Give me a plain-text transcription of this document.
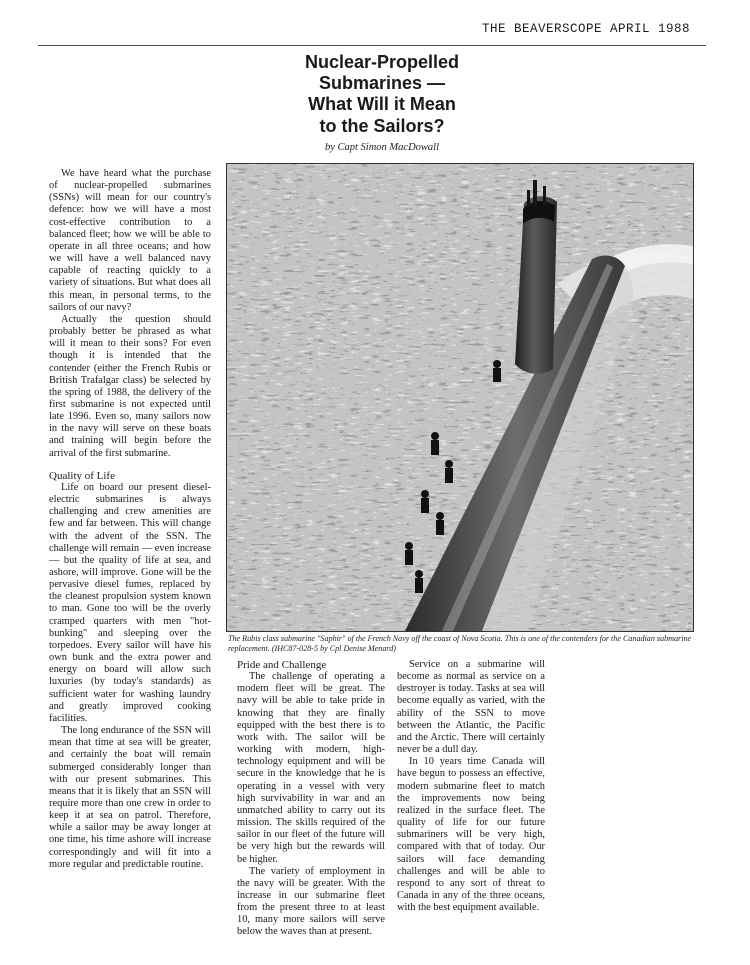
THE BEAVERSCOPE APRIL 1988
Nuclear-Propelled
Submarines —
What Will it Mean
to the Sailors?
by Capt Simon MacDowall

We have heard what the purchase of nuclear-propelled submarines (SSNs) will mean for our country's defence: how we will have a most cost-effective contribution to a balanced fleet; how we will be able to operate in all three oceans; and how we will have a well balanced navy capable of reacting quickly to a variety of situations. But what does all this mean, in personal terms, to the sailors of our navy?

Actually the question should probably better be phrased as what will it mean to their sons? For even though it is intended that the contender (either the French Rubis or British Trafalgar class) be selected by the spring of 1988, the delivery of the first submarine is not expected until late 1996. Even so, many sailors now in the navy will serve on these boats and training will begin before the arrival of the first submarine.

Quality of Life

Life on board our present diesel-electric submarines is always challenging and crew amenities are few and far between. This will change with the advent of the SSN. The challenge will remain — even increase — but the quality of life at sea, and ashore, will improve. Gone will be the pervasive diesel fumes, replaced by the cleanest propulsion system known to man. Gone too will be the overly cramped quarters with men "hot-bunking" and sleeping over the torpedoes. Every sailor will have his own bunk and the extra power and energy on board will allow such luxuries (by today's standards) as sufficient water for washing laundry and greatly improved cooking facilities.

The long endurance of the SSN will mean that time at sea will be greater, and certainly the boat will remain submerged considerably longer than with our present submarines. This means that it is likely that an SSN will require more than one crew in order to keep it at sea on patrol. Therefore, while a sailor may be away longer at one time, his time ashore will increase correspondingly and will fit into a more regular and predictable routine.

The Rubis class submarine "Saphir" of the French Navy off the coast of Nova Scotia. This is one of the contenders for the Canadian submarine replacement. (IHC87-028-5 by Cpl Denise Menard)
Pride and Challenge

The challenge of operating a modern fleet will be great. The navy will be able to take pride in knowing that they are finally equipped with the best there is to work with. The sailor will be working with modern, high-technology equipment and will be secure in the knowledge that he is operating in a vessel with very high survivability in war and an unmatched ability to carry out its mission. The skills required of the sailor in our fleet of the future will be very high but the rewards will be higher.

The variety of employment in the navy will be greater. With the increase in our submarine fleet from the present three to at least 10, many more sailors will serve below the waves than at present.

Service on a submarine will become as normal as service on a destroyer is today. Tasks at sea will become equally as varied, with the ability of the SSN to move between the Atlantic, the Pacific and the Arctic. There will certainly never be a dull day.

In 10 years time Canada will have begun to possess an effective, modern submarine fleet to match the improvements now being realized in the surface fleet. The quality of life for our future submariners will be very high, compared with that of today. Our sailors will face demanding challenges and will be able to respond to any sort of threat to Canada in any of the three oceans, with the best equipment available.
